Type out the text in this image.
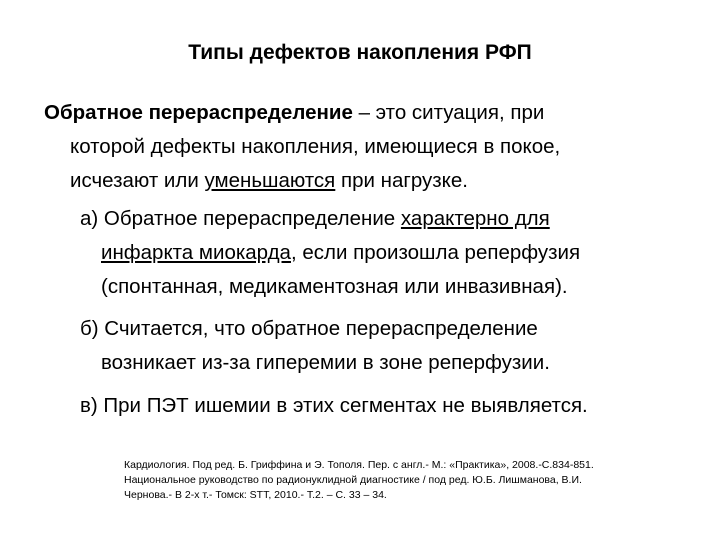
Типы дефектов накопления РФП
Обратное перераспределение – это ситуация, при
которой дефекты накопления, имеющиеся в покое,
исчезают или уменьшаются при нагрузке.
а) Обратное перераспределение характерно для
инфаркта миокарда, если произошла реперфузия
(спонтанная, медикаментозная или инвазивная).
б) Считается, что обратное перераспределение
возникает из-за гиперемии в зоне реперфузии.
в) При ПЭТ ишемии в этих сегментах не выявляется.
Кардиология. Под ред. Б. Гриффина и Э. Тополя. Пер. с англ.- М.: «Практика», 2008.-С.834-851.
Национальное руководство по радионуклидной диагностике / под ред. Ю.Б. Лишманова, В.И.
Чернова.- В 2-х т.- Томск: STT, 2010.- Т.2. – С. 33 – 34.
